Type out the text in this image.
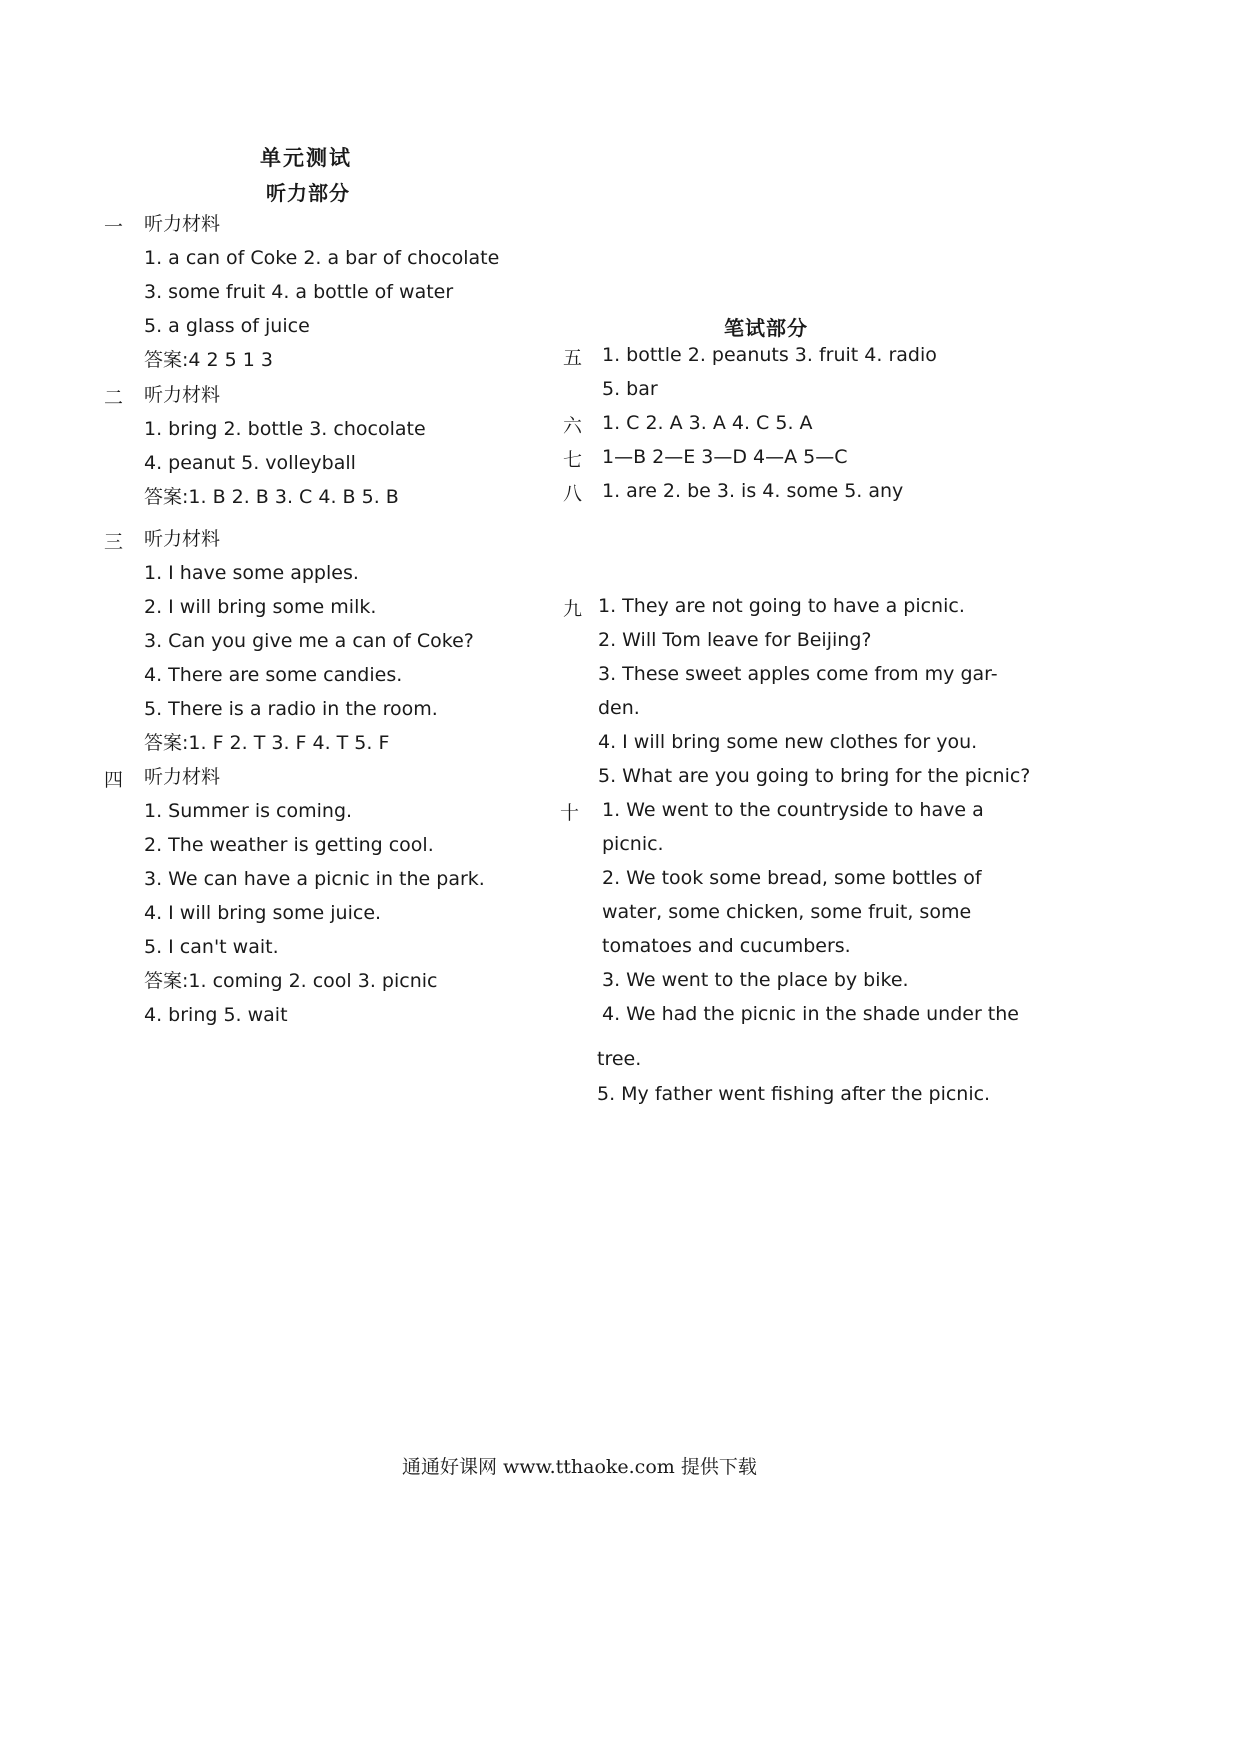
单元测试
听力部分
笔试部分
一 听力材料
1. a can of Coke 2. a bar of chocolate
3. some fruit 4. a bottle of water
5. a glass of juice
答案:4 2 5 1 3
二 听力材料
1. bring 2. bottle 3. chocolate
4. peanut 5. volleyball
答案:1. B 2. B 3. C 4. B 5. B
三 听力材料
1. I have some apples.
2. I will bring some milk.
3. Can you give me a can of Coke?
4. There are some candies.
5. There is a radio in the room.
答案:1. F 2. T 3. F 4. T 5. F
四 听力材料
1. Summer is coming.
2. The weather is getting cool.
3. We can have a picnic in the park.
4. I will bring some juice.
5. I can't wait.
答案:1. coming 2. cool 3. picnic
4. bring 5. wait
五 1. bottle 2. peanuts 3. fruit 4. radio
5. bar
六 1. C 2. A 3. A 4. C 5. A
七 1—B 2—E 3—D 4—A 5—C
八 1. are 2. be 3. is 4. some 5. any
九 1. They are not going to have a picnic.
2. Will Tom leave for Beijing?
3. These sweet apples come from my gar-
den.
4. I will bring some new clothes for you.
5. What are you going to bring for the picnic?
十 1. We went to the countryside to have a
picnic.
2. We took some bread, some bottles of
water, some chicken, some fruit, some
tomatoes and cucumbers.
3. We went to the place by bike.
4. We had the picnic in the shade under the
tree.
5. My father went fishing after the picnic.
通通好课网 www.tthaoke.com 提供下载
